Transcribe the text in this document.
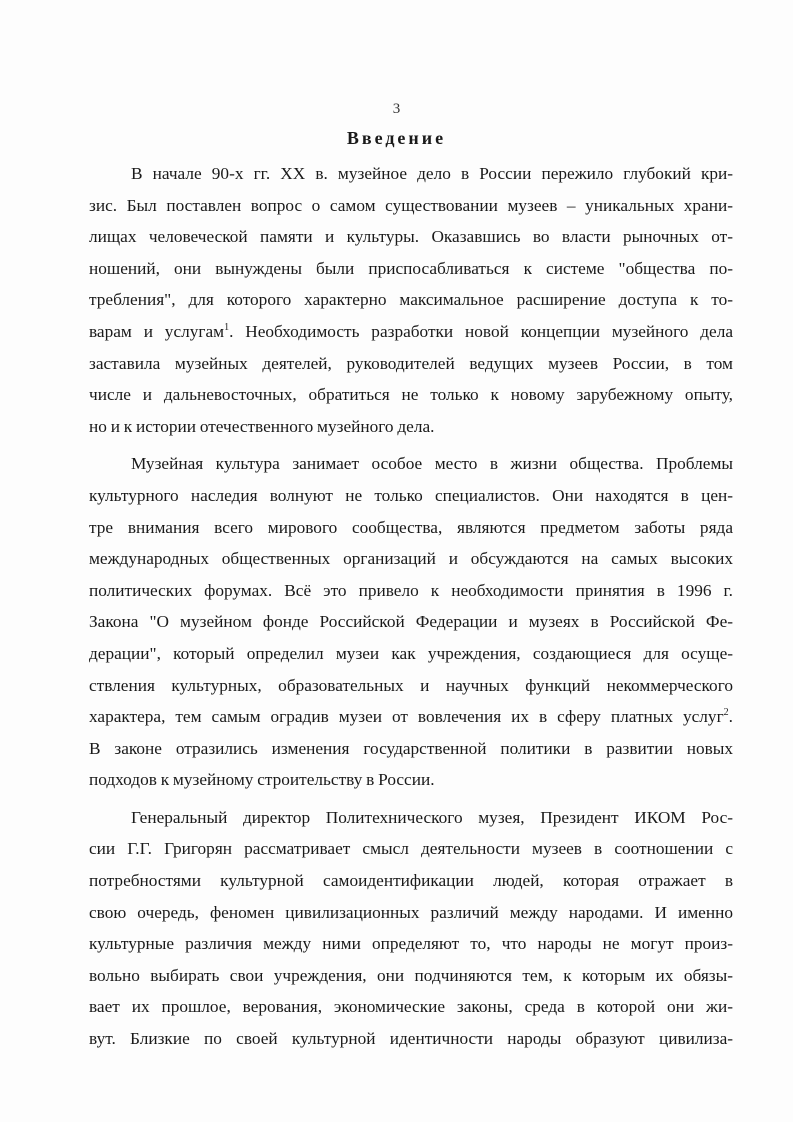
3
Введение

В начале 90-х гг. XX в. музейное дело в России пережило глубокий кри-
зис. Был поставлен вопрос о самом существовании музеев – уникальных храни-
лищах человеческой памяти и культуры. Оказавшись во власти рыночных от-
ношений, они вынуждены были приспосабливаться к системе "общества по-
требления", для которого характерно максимальное расширение доступа к то-
варам и услугам$^1$. Необходимость разработки новой концепции музейного дела
заставила музейных деятелей, руководителей ведущих музеев России, в том
числе и дальневосточных, обратиться не только к новому зарубежному опыту,
но и к истории отечественного музейного дела.

Музейная культура занимает особое место в жизни общества. Проблемы
культурного наследия волнуют не только специалистов. Они находятся в цен-
тре внимания всего мирового сообщества, являются предметом заботы ряда
международных общественных организаций и обсуждаются на самых высоких
политических форумах. Всё это привело к необходимости принятия в 1996 г.
Закона "О музейном фонде Российской Федерации и музеях в Российской Фе-
дерации", который определил музеи как учреждения, создающиеся для осуще-
ствления культурных, образовательных и научных функций некоммерческого
характера, тем самым оградив музеи от вовлечения их в сферу платных услуг$^2$.
В законе отразились изменения государственной политики в развитии новых
подходов к музейному строительству в России.

Генеральный директор Политехнического музея, Президент ИКОМ Рос-
сии Г.Г. Григорян рассматривает смысл деятельности музеев в соотношении с
потребностями культурной самоидентификации людей, которая отражает в
свою очередь, феномен цивилизационных различий между народами. И именно
культурные различия между ними определяют то, что народы не могут произ-
вольно выбирать свои учреждения, они подчиняются тем, к которым их обязы-
вает их прошлое, верования, экономические законы, среда в которой они жи-
вут. Близкие по своей культурной идентичности народы образуют цивилиза-
